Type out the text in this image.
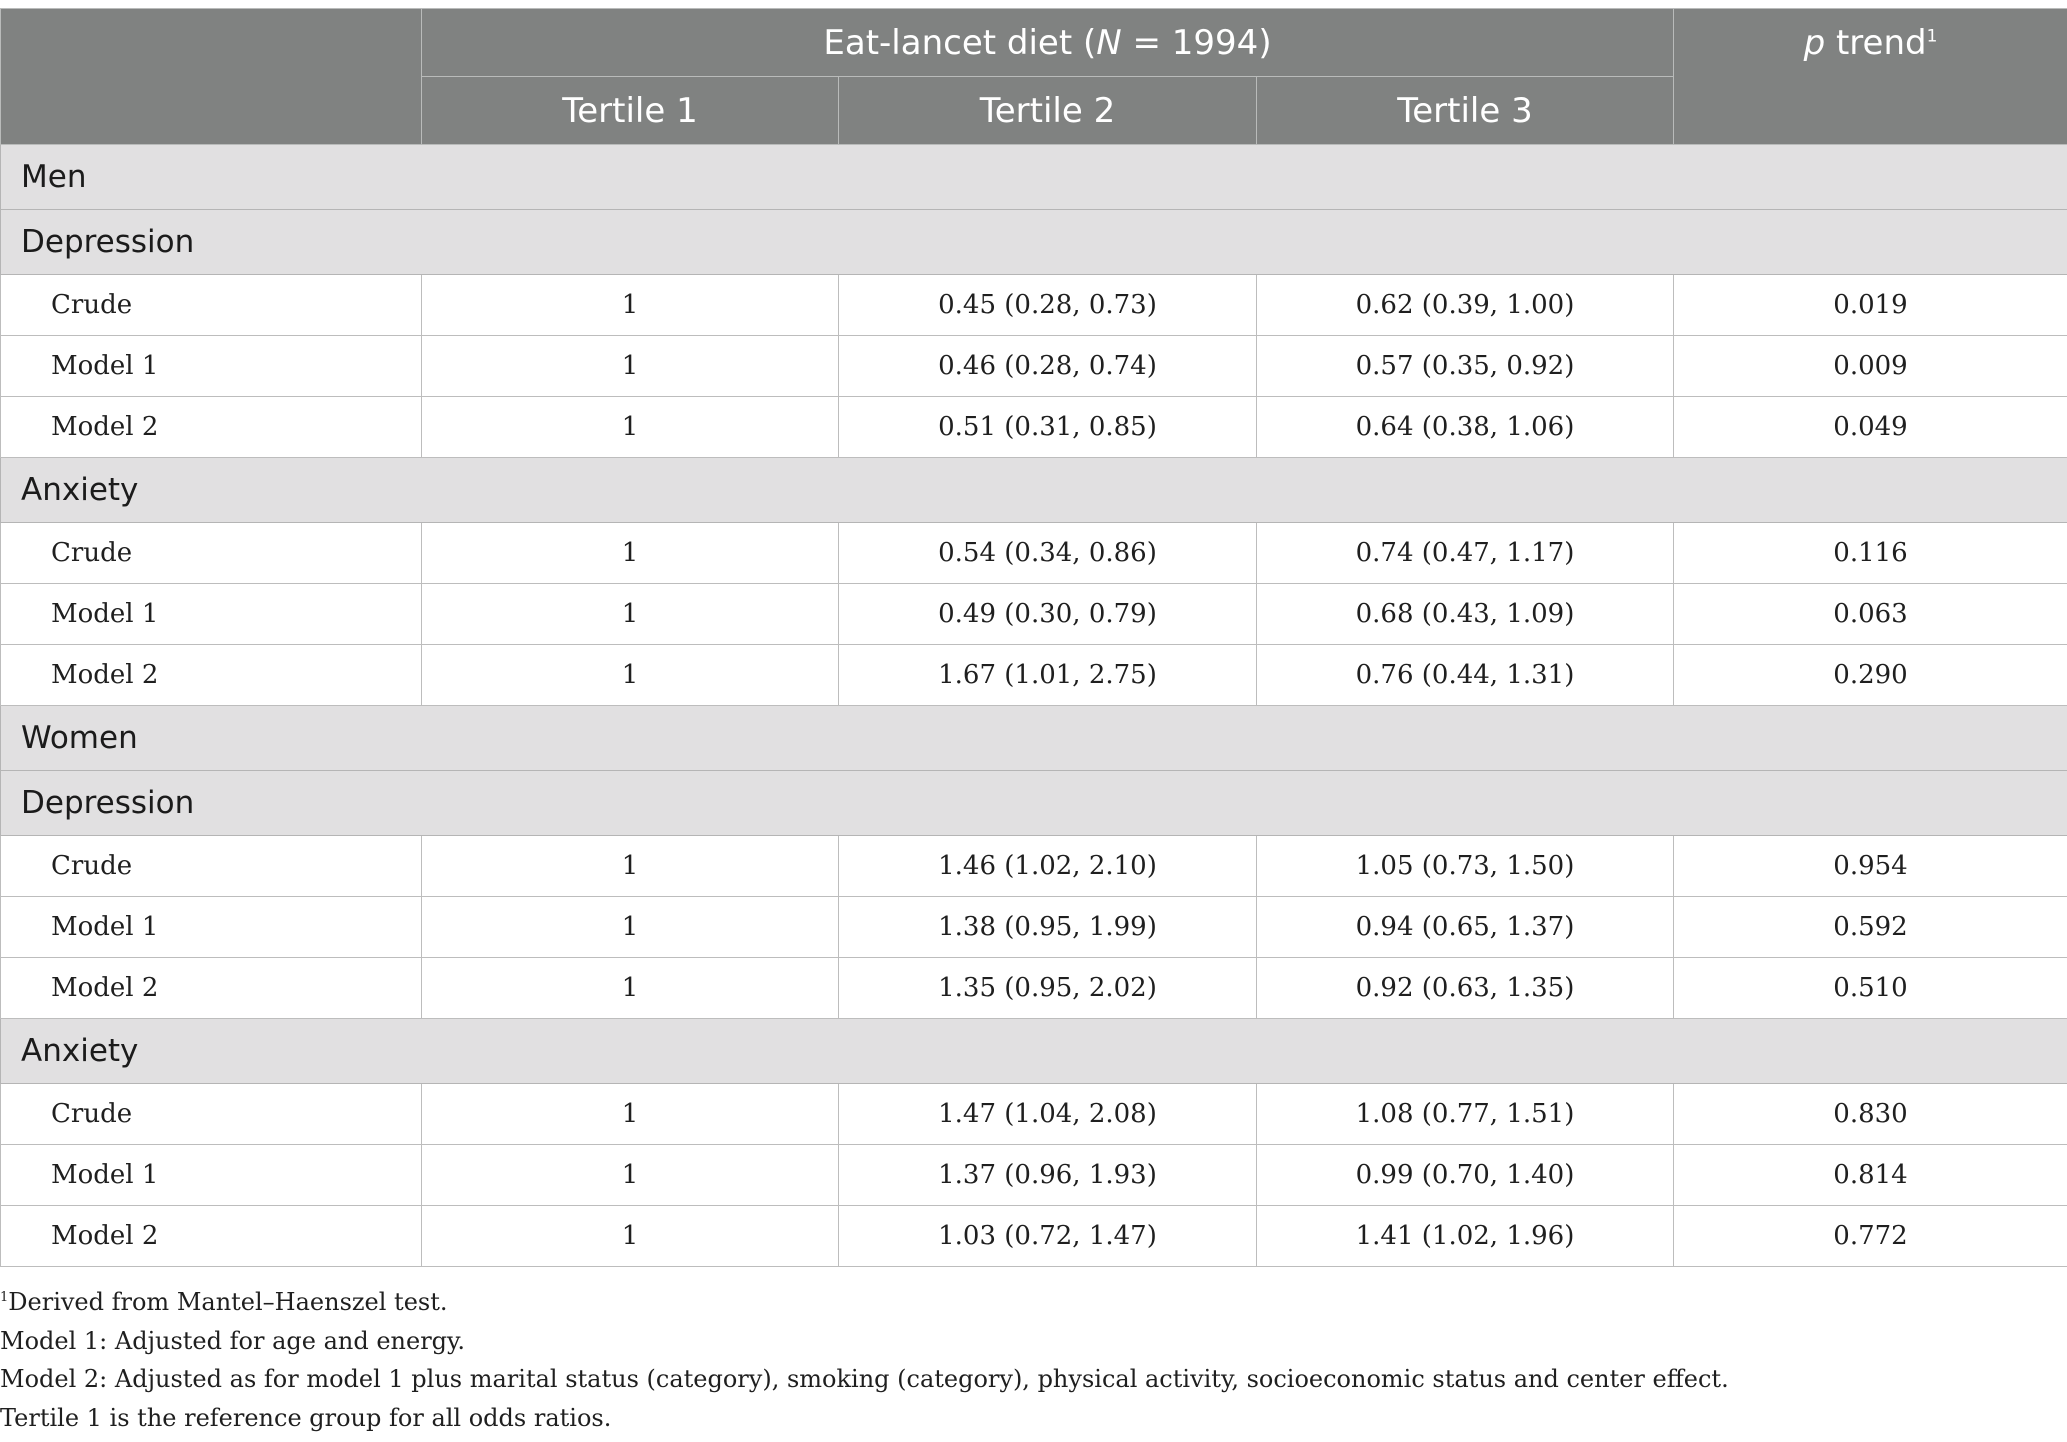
	Eat-lancet diet (N = 1994)			p trend$^1$
	Tertile 1	Tertile 2	Tertile 3	
Men				
Depression				
Crude	1	0.45 (0.28, 0.73)	0.62 (0.39, 1.00)	0.019
Model 1	1	0.46 (0.28, 0.74)	0.57 (0.35, 0.92)	0.009
Model 2	1	0.51 (0.31, 0.85)	0.64 (0.38, 1.06)	0.049
Anxiety				
Crude	1	0.54 (0.34, 0.86)	0.74 (0.47, 1.17)	0.116
Model 1	1	0.49 (0.30, 0.79)	0.68 (0.43, 1.09)	0.063
Model 2	1	1.67 (1.01, 2.75)	0.76 (0.44, 1.31)	0.290
Women				
Depression				
Crude	1	1.46 (1.02, 2.10)	1.05 (0.73, 1.50)	0.954
Model 1	1	1.38 (0.95, 1.99)	0.94 (0.65, 1.37)	0.592
Model 2	1	1.35 (0.95, 2.02)	0.92 (0.63, 1.35)	0.510
Anxiety				
Crude	1	1.47 (1.04, 2.08)	1.08 (0.77, 1.51)	0.830
Model 1	1	1.37 (0.96, 1.93)	0.99 (0.70, 1.40)	0.814
Model 2	1	1.03 (0.72, 1.47)	1.41 (1.02, 1.96)	0.772
$^1$Derived from Mantel–Haenszel test.
Model 1: Adjusted for age and energy.
Model 2: Adjusted as for model 1 plus marital status (category), smoking (category), physical activity, socioeconomic status and center effect.
Tertile 1 is the reference group for all odds ratios.
